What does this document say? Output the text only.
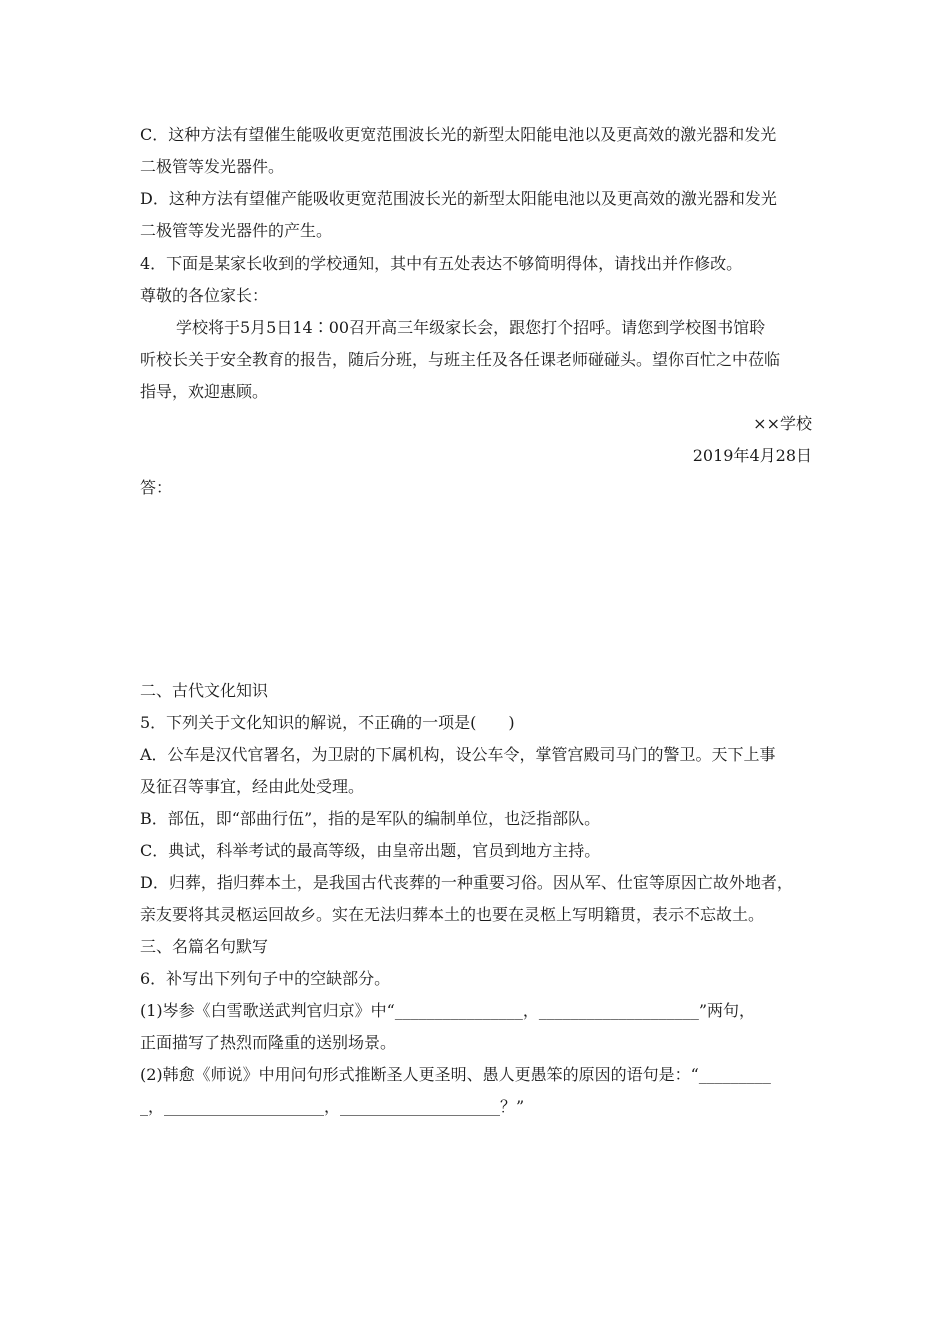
C．这种方法有望催生能吸收更宽范围波长光的新型太阳能电池以及更高效的激光器和发光
二极管等发光器件。
D．这种方法有望催产能吸收更宽范围波长光的新型太阳能电池以及更高效的激光器和发光
二极管等发光器件的产生。
4．下面是某家长收到的学校通知，其中有五处表达不够简明得体，请找出并作修改。
尊敬的各位家长：
学校将于5月5日14∶00召开高三年级家长会，跟您打个招呼。请您到学校图书馆聆
听校长关于安全教育的报告，随后分班，与班主任及各任课老师碰碰头。望你百忙之中莅临
指导，欢迎惠顾。
××学校
2019年4月28日
答：
二、古代文化知识
5．下列关于文化知识的解说，不正确的一项是(　　)
A．公车是汉代官署名，为卫尉的下属机构，设公车令，掌管宫殿司马门的警卫。天下上事
及征召等事宜，经由此处受理。
B．部伍，即“部曲行伍”，指的是军队的编制单位，也泛指部队。
C．典试，科举考试的最高等级，由皇帝出题，官员到地方主持。
D．归葬，指归葬本土，是我国古代丧葬的一种重要习俗。因从军、仕宦等原因亡故外地者，
亲友要将其灵柩运回故乡。实在无法归葬本土的也要在灵柩上写明籍贯，表示不忘故土。
三、名篇名句默写
6．补写出下列句子中的空缺部分。
(1)岑参《白雪歌送武判官归京》中“________________，____________________”两句，
正面描写了热烈而隆重的送别场景。
(2)韩愈《师说》中用问句形式推断圣人更圣明、愚人更愚笨的原因的语句是：“_________
_，____________________，____________________？”
